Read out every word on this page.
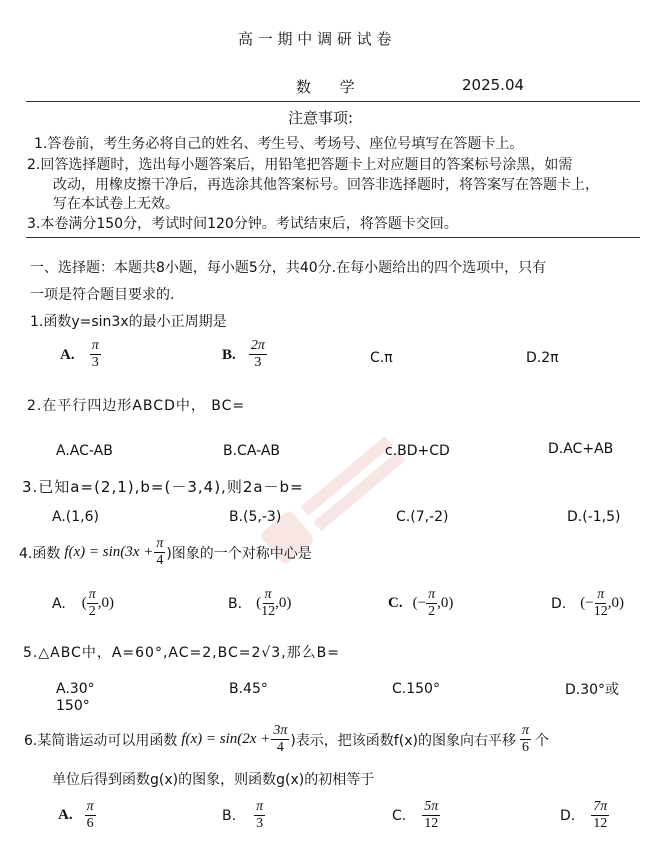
高 一 期 中 调 研 试 卷
数      学	2025.04
注意事项:
1.答卷前，考生务必将自己的姓名、考生号、考场号、座位号填写在答题卡上。
2.回答选择题时，选出每小题答案后，用铅笔把答题卡上对应题目的答案标号涂黑，如需
改动，用橡皮擦干净后，再选涂其他答案标号。回答非选择题时，将答案写在答题卡上，
写在本试卷上无效。
3.本卷满分150分，考试时间120分钟。考试结束后，将答题卡交回。
一、选择题：本题共8小题，每小题5分，共40分.在每小题给出的四个选项中，只有
一项是符合题目要求的.
1.函数y=sin3x的最小正周期是
A. $\frac{\pi}{3}$	B. $\frac{2\pi}{3}$	C.π	D.2π
2.在平行四边形ABCD中， BC=
A.AC-AB	B.CA-AB	c.BD+CD	D.AC+AB
3.已知a=(2,1),b=(－3,4),则2a－b=
A.(1,6)	B.(5,-3)	C.(7,-2)	D.(-1,5)
4.函数 $f(x) = \sin(3x + \frac{\pi}{4}$ )图象的一个对称中心是
A. ( $\frac{\pi}{2} ,0$)	B. ( $\frac{\pi}{12} ,0$)	C. (− $\frac{\pi}{2} ,0$)	D. (− $\frac{\pi}{12} ,0$)
5.△ABC中，A=60°,AC=2,BC=2√3,那么B=
A.30°
150°
B.45°	C.150°	D.30°或
6.某简谐运动可以用函数 $f(x) = \sin(2x + \frac{3\pi}{4}$ )表示，把该函数f(x)的图象向右平移 $\frac{\pi}{6}$ 个
单位后得到函数g(x)的图象，则函数g(x)的初相等于
A. $\frac{\pi}{6}$	B. $\frac{\pi}{3}$	C. $\frac{5\pi}{12}$	D. $\frac{7\pi}{12}$
